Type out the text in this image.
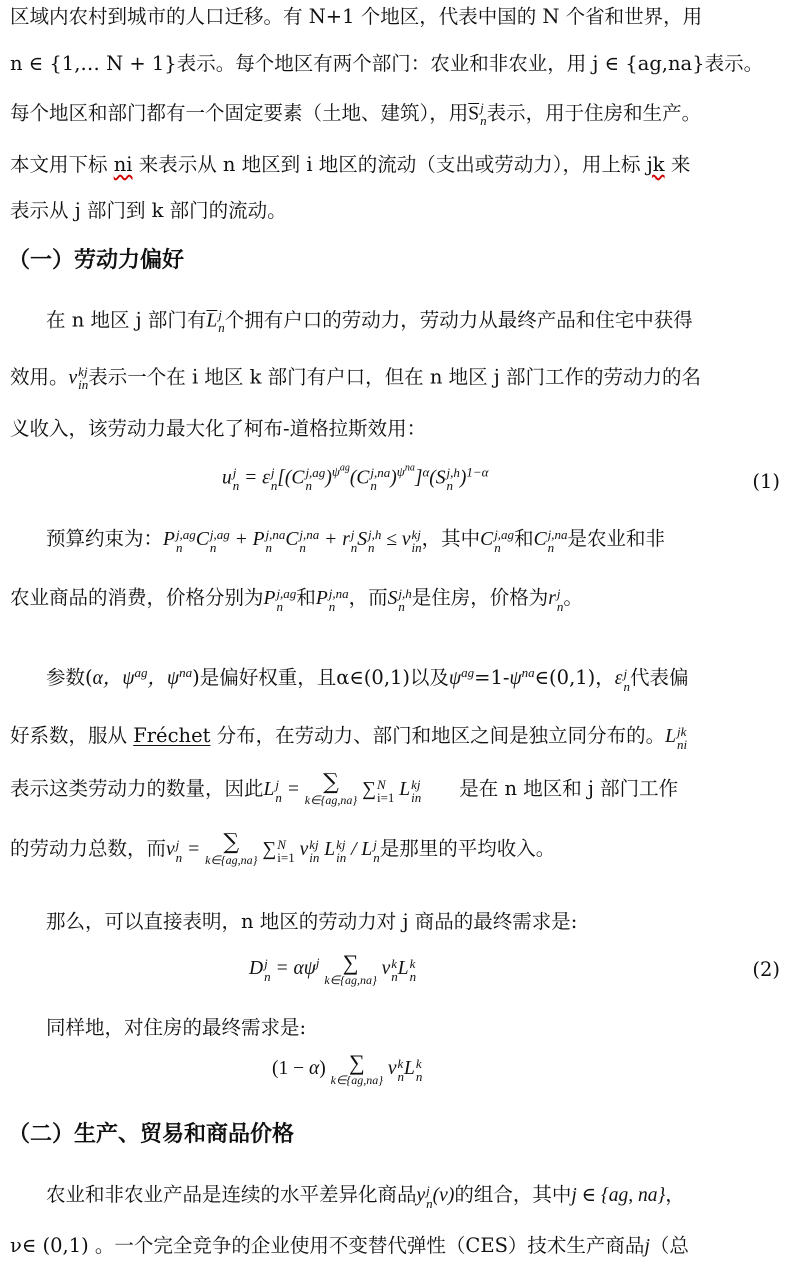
区域内农村到城市的人口迁移。有 N+1 个地区，代表中国的 N 个省和世界，用
n ∈ {1,… N + 1}表示。每个地区有两个部门：农业和非农业，用 j ∈ {ag,na}表示。
每个地区和部门都有一个固定要素（土地、建筑），用$\overline{S}$ j
n 表示，用于住房和生产。
本文用下标 ni 来表示从 n 地区到 i 地区的流动（支出或劳动力），用上标 jk 来
表示从 j 部门到 k 部门的流动。
（一）劳动力偏好
在 n 地区 j 部门有$\overline{L}$ j
n 个拥有户口的劳动力，劳动力从最终产品和住宅中获得
效用。v kj
in 表示一个在 i 地区 k 部门有户口，但在 n 地区 j 部门工作的劳动力的名
义收入，该劳动力最大化了柯布-道格拉斯效用：
u j
n = ε j
n [(C j,ag
n )$^{\psi^{ag}}$(C j,na
n )$^{\psi^{na}}$]$^\alpha$(S j,h
n )$^{1-\alpha}$	(1)
预算约束为：P j,ag
n C j,ag
n + P j,na
n C j,na
n + r j
n S j,h
n ≤ v kj
in ，其中C j,ag
n 和C j,na
n 是农业和非
农业商品的消费，价格分别为P j,ag
n 和P j,na
n ，而S j,h
n 是住房，价格为r j
n 。
参数(α，$\psi^{ag}$，$\psi^{na}$)是偏好权重，且α∈(0,1)以及$\psi^{ag}=1-\psi^{na}\in(0,1)$，ε j
n 代表偏
好系数，服从 Fréchet 分布，在劳动力、部门和地区之间是独立同分布的。L jk
ni
表示这类劳动力的数量，因此L j
n = ∑
k∈{ag,na} ∑ N
i=1 L kj
in 是在 n 地区和 j 部门工作
的劳动力总数，而v j
n = ∑
k∈{ag,na} ∑ N
i=1 v kj
in L kj
in / L j
n 是那里的平均收入。
那么，可以直接表明，n 地区的劳动力对 j 商品的最终需求是:
D j
$n = \alpha\psi^j$	∑
k∈{ag,na}
v k
n L k
n	(2)
同样地，对住房的最终需求是:
(1 − α)	∑
k∈{ag,na}
v k
n L k
n
（二）生产、贸易和商品价格
农业和非农业产品是连续的水平差异化商品y j
n (ν)的组合，其中j ∈ {ag, na}，
ν∈ (0,1) 。一个完全竞争的企业使用不变替代弹性（CES）技术生产商品j（总
